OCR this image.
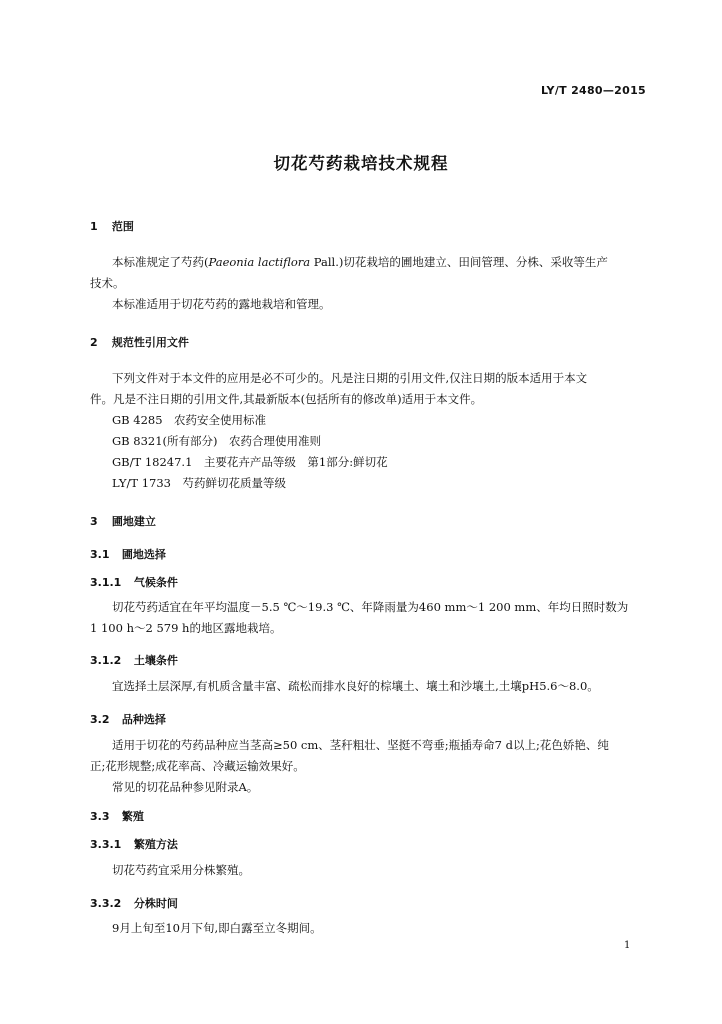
LY/T 2480—2015
切花芍药栽培技术规程
1 范围
本标准规定了芍药(Paeonia lactiflora Pall.)切花栽培的圃地建立、田间管理、分株、采收等生产
技术。
本标准适用于切花芍药的露地栽培和管理。
2 规范性引用文件
下列文件对于本文件的应用是必不可少的。凡是注日期的引用文件,仅注日期的版本适用于本文
件。凡是不注日期的引用文件,其最新版本(包括所有的修改单)适用于本文件。
GB 4285　农药安全使用标准
GB 8321(所有部分)　农药合理使用准则
GB/T 18247.1　主要花卉产品等级　第1部分:鲜切花
LY/T 1733　芍药鲜切花质量等级
3 圃地建立
3.1 圃地选择
3.1.1 气候条件
切花芍药适宜在年平均温度－5.5 ℃～19.3 ℃、年降雨量为460 mm～1 200 mm、年均日照时数为
1 100 h～2 579 h的地区露地栽培。
3.1.2 土壤条件
宜选择土层深厚,有机质含量丰富、疏松而排水良好的棕壤土、壤土和沙壤土,土壤pH5.6～8.0。
3.2 品种选择
适用于切花的芍药品种应当茎高≥50 cm、茎秆粗壮、坚挺不弯垂;瓶插寿命7 d以上;花色娇艳、纯
正;花形规整;成花率高、冷藏运输效果好。
常见的切花品种参见附录A。
3.3 繁殖
3.3.1 繁殖方法
切花芍药宜采用分株繁殖。
3.3.2 分株时间
9月上旬至10月下旬,即白露至立冬期间。
1
